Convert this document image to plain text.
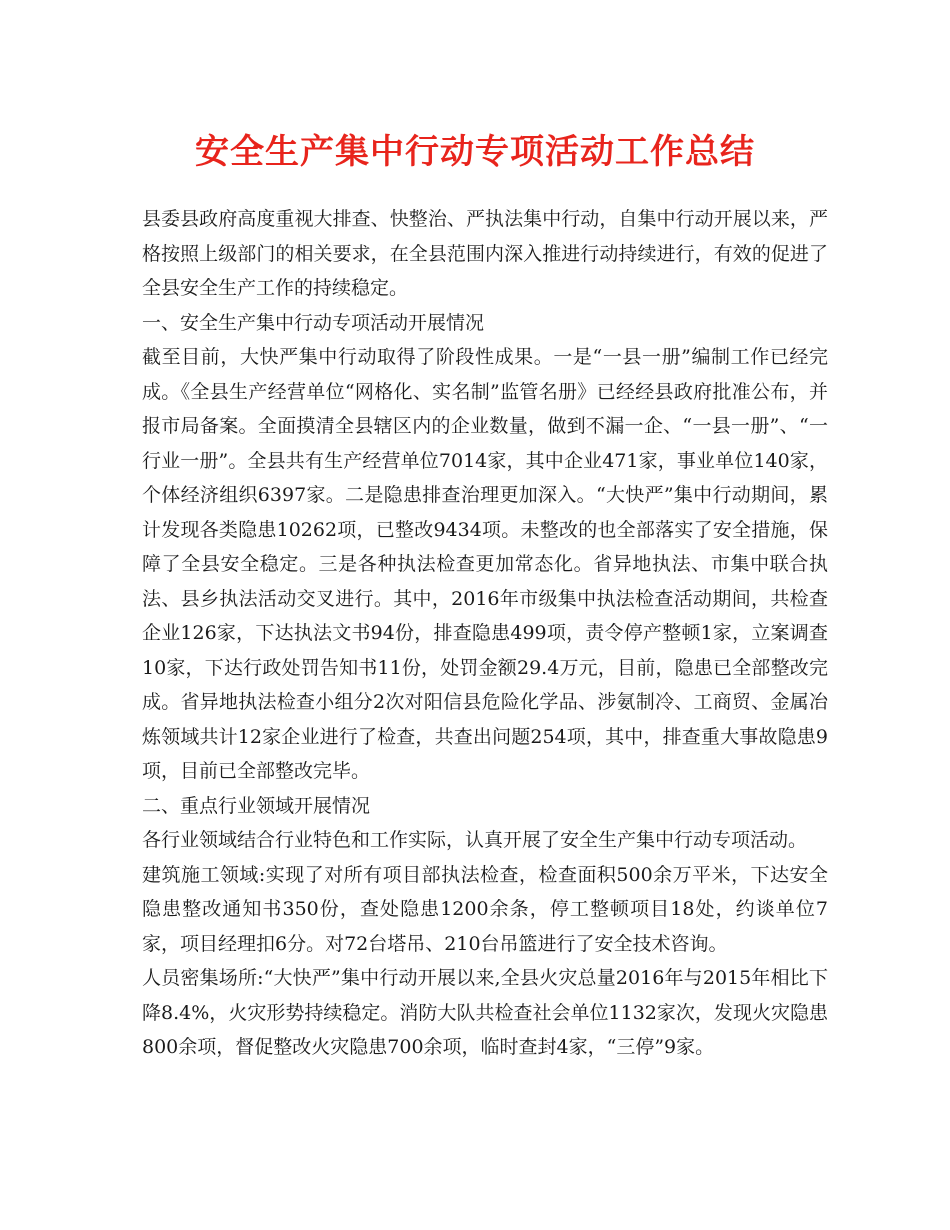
安全生产集中行动专项活动工作总结

县委县政府高度重视大排查、快整治、严执法集中行动，自集中行动开展以来，严格按照上级部门的相关要求，在全县范围内深入推进行动持续进行，有效的促进了全县安全生产工作的持续稳定。

一、安全生产集中行动专项活动开展情况

截至目前，大快严集中行动取得了阶段性成果。一是“一县一册”编制工作已经完成。《全县生产经营单位“网格化、实名制”监管名册》已经经县政府批准公布，并报市局备案。全面摸清全县辖区内的企业数量，做到不漏一企、“一县一册”、“一行业一册”。全县共有生产经营单位7014家，其中企业471家，事业单位140家，个体经济组织6397家。二是隐患排查治理更加深入。“大快严”集中行动期间，累计发现各类隐患10262项，已整改9434项。未整改的也全部落实了安全措施，保障了全县安全稳定。三是各种执法检查更加常态化。省异地执法、市集中联合执法、县乡执法活动交叉进行。其中，2016年市级集中执法检查活动期间，共检查企业126家，下达执法文书94份，排查隐患499项，责令停产整顿1家，立案调查10家，下达行政处罚告知书11份，处罚金额29.4万元，目前，隐患已全部整改完成。省异地执法检查小组分2次对阳信县危险化学品、涉氨制冷、工商贸、金属冶炼领域共计12家企业进行了检查，共查出问题254项，其中，排查重大事故隐患9项，目前已全部整改完毕。

二、重点行业领域开展情况

各行业领域结合行业特色和工作实际，认真开展了安全生产集中行动专项活动。

建筑施工领域:实现了对所有项目部执法检查，检查面积500余万平米，下达安全隐患整改通知书350份，查处隐患1200余条，停工整顿项目18处，约谈单位7家，项目经理扣6分。对72台塔吊、210台吊篮进行了安全技术咨询。

人员密集场所:“大快严”集中行动开展以来,全县火灾总量2016年与2015年相比下降8.4%，火灾形势持续稳定。消防大队共检查社会单位1132家次，发现火灾隐患800余项，督促整改火灾隐患700余项，临时查封4家，“三停”9家。
